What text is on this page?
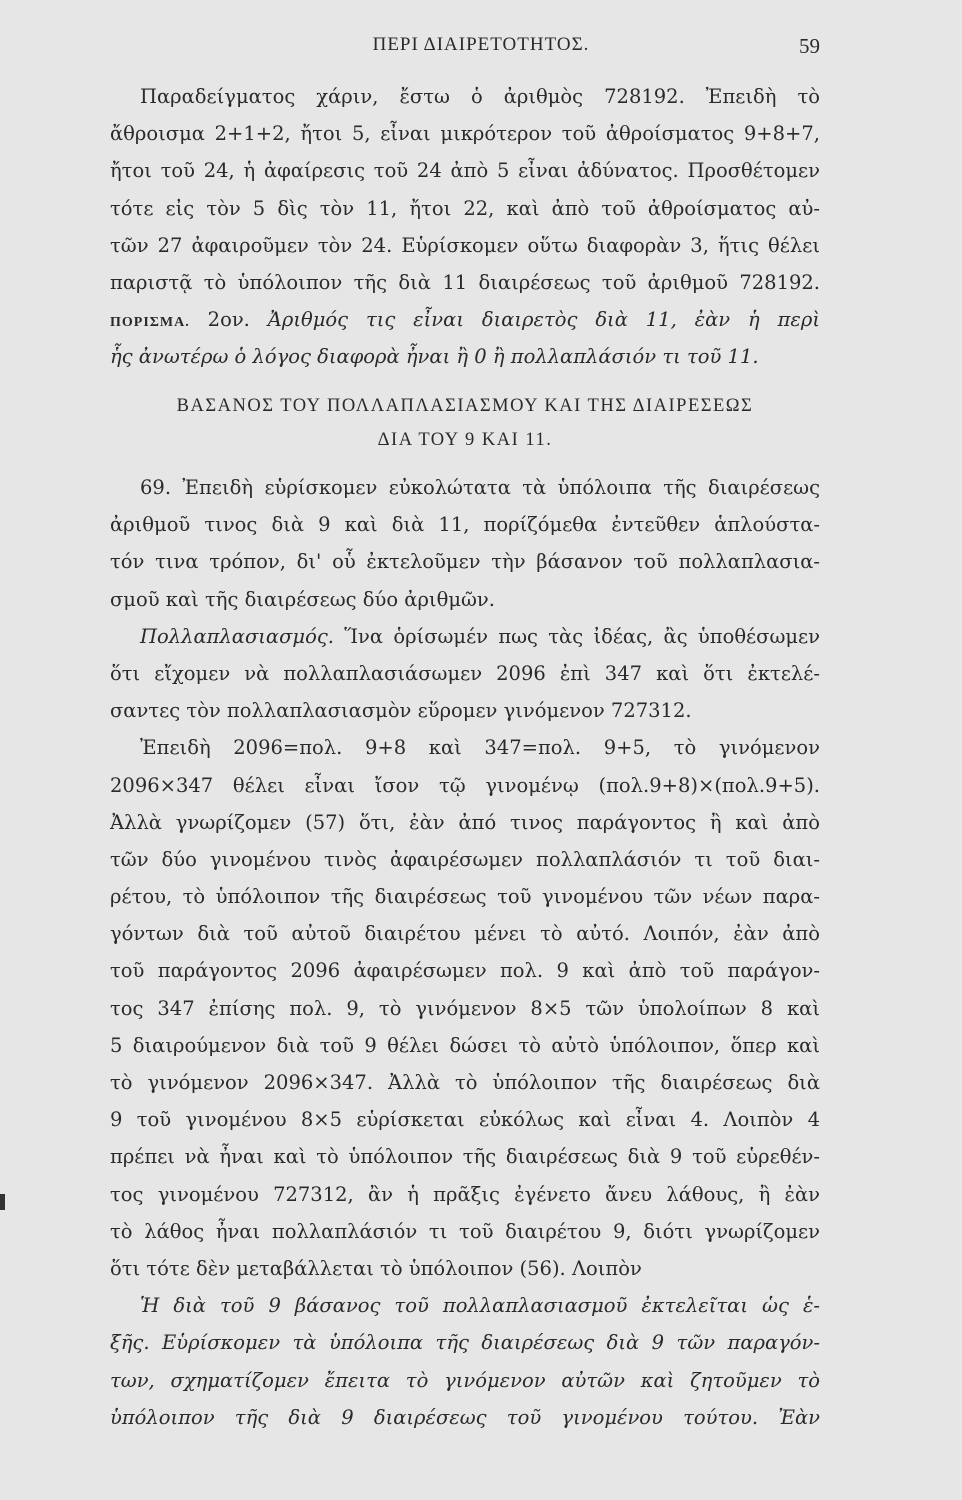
ΠΕΡΙ ΔΙΑΙΡΕΤΟΤΗΤΟΣ.	59
Παραδείγματος χάριν, ἔστω ὁ ἀριθμὸς 728192. Ἐπειδὴ τὸ
ἄθροισμα 2+1+2, ἤτοι 5, εἶναι μικρότερον τοῦ ἀθροίσματος 9+8+7,
ἤτοι τοῦ 24, ἡ ἀφαίρεσις τοῦ 24 ἀπὸ 5 εἶναι ἀδύνατος. Προσθέτομεν
τότε εἰς τὸν 5 δὶς τὸν 11, ἤτοι 22, καὶ ἀπὸ τοῦ ἀθροίσματος αὐ-
τῶν 27 ἀφαιροῦμεν τὸν 24. Εὑρίσκομεν οὕτω διαφορὰν 3, ἥτις θέλει
παριστᾷ τὸ ὑπόλοιπον τῆς διὰ 11 διαιρέσεως τοῦ ἀριθμοῦ 728192.
ΠΟΡΙΣΜΑ. 2ον. Ἀριθμός τις εἶναι διαιρετὸς διὰ 11, ἐὰν ἡ περὶ
ἧς ἀνωτέρω ὁ λόγος διαφορὰ ἦναι ἢ 0 ἢ πολλαπλάσιόν τι τοῦ 11.
ΒΑΣΑΝΟΣ ΤΟΥ ΠΟΛΛΑΠΛΑΣΙΑΣΜΟΥ ΚΑΙ ΤΗΣ ΔΙΑΙΡΕΣΕΩΣ
ΔΙΑ ΤΟΥ 9 ΚΑΙ 11.
69. Ἐπειδὴ εὑρίσκομεν εὐκολώτατα τὰ ὑπόλοιπα τῆς διαιρέσεως
ἀριθμοῦ τινος διὰ 9 καὶ διὰ 11, πορίζόμεθα ἐντεῦθεν ἁπλούστα-
τόν τινα τρόπον, δι' οὗ ἐκτελοῦμεν τὴν βάσανον τοῦ πολλαπλασια-
σμοῦ καὶ τῆς διαιρέσεως δύο ἀριθμῶν.
Πολλαπλασιασμός. Ἵνα ὁρίσωμέν πως τὰς ἰδέας, ἂς ὑποθέσωμεν
ὅτι εἴχομεν νὰ πολλαπλασιάσωμεν 2096 ἐπὶ 347 καὶ ὅτι ἐκτελέ-
σαντες τὸν πολλαπλασιασμὸν εὕρομεν γινόμενον 727312.
Ἐπειδὴ 2096=πολ. 9+8 καὶ 347=πολ. 9+5, τὸ γινόμενον
2096×347 θέλει εἶναι ἴσον τῷ γινομένῳ (πολ.9+8)×(πολ.9+5).
Ἀλλὰ γνωρίζομεν (57) ὅτι, ἐὰν ἀπό τινος παράγοντος ἢ καὶ ἀπὸ
τῶν δύο γινομένου τινὸς ἀφαιρέσωμεν πολλαπλάσιόν τι τοῦ διαι-
ρέτου, τὸ ὑπόλοιπον τῆς διαιρέσεως τοῦ γινομένου τῶν νέων παρα-
γόντων διὰ τοῦ αὐτοῦ διαιρέτου μένει τὸ αὐτό. Λοιπόν, ἐὰν ἀπὸ
τοῦ παράγοντος 2096 ἀφαιρέσωμεν πολ. 9 καὶ ἀπὸ τοῦ παράγον-
τος 347 ἐπίσης πολ. 9, τὸ γινόμενον 8×5 τῶν ὑπολοίπων 8 καὶ
5 διαιρούμενον διὰ τοῦ 9 θέλει δώσει τὸ αὐτὸ ὑπόλοιπον, ὅπερ καὶ
τὸ γινόμενον 2096×347. Ἀλλὰ τὸ ὑπόλοιπον τῆς διαιρέσεως διὰ
9 τοῦ γινομένου 8×5 εὑρίσκεται εὐκόλως καὶ εἶναι 4. Λοιπὸν 4
πρέπει νὰ ἦναι καὶ τὸ ὑπόλοιπον τῆς διαιρέσεως διὰ 9 τοῦ εὑρεθέν-
τος γινομένου 727312, ἂν ἡ πρᾶξις ἐγένετο ἄνευ λάθους, ἢ ἐὰν
τὸ λάθος ἦναι πολλαπλάσιόν τι τοῦ διαιρέτου 9, διότι γνωρίζομεν
ὅτι τότε δὲν μεταβάλλεται τὸ ὑπόλοιπον (56). Λοιπὸν
Ἡ διὰ τοῦ 9 βάσανος τοῦ πολλαπλασιασμοῦ ἐκτελεῖται ὡς ἑ-
ξῆς. Εὑρίσκομεν τὰ ὑπόλοιπα τῆς διαιρέσεως διὰ 9 τῶν παραγόν-
των, σχηματίζομεν ἔπειτα τὸ γινόμενον αὐτῶν καὶ ζητοῦμεν τὸ
ὑπόλοιπον τῆς διὰ 9 διαιρέσεως τοῦ γινομένου τούτου. Ἐὰν
